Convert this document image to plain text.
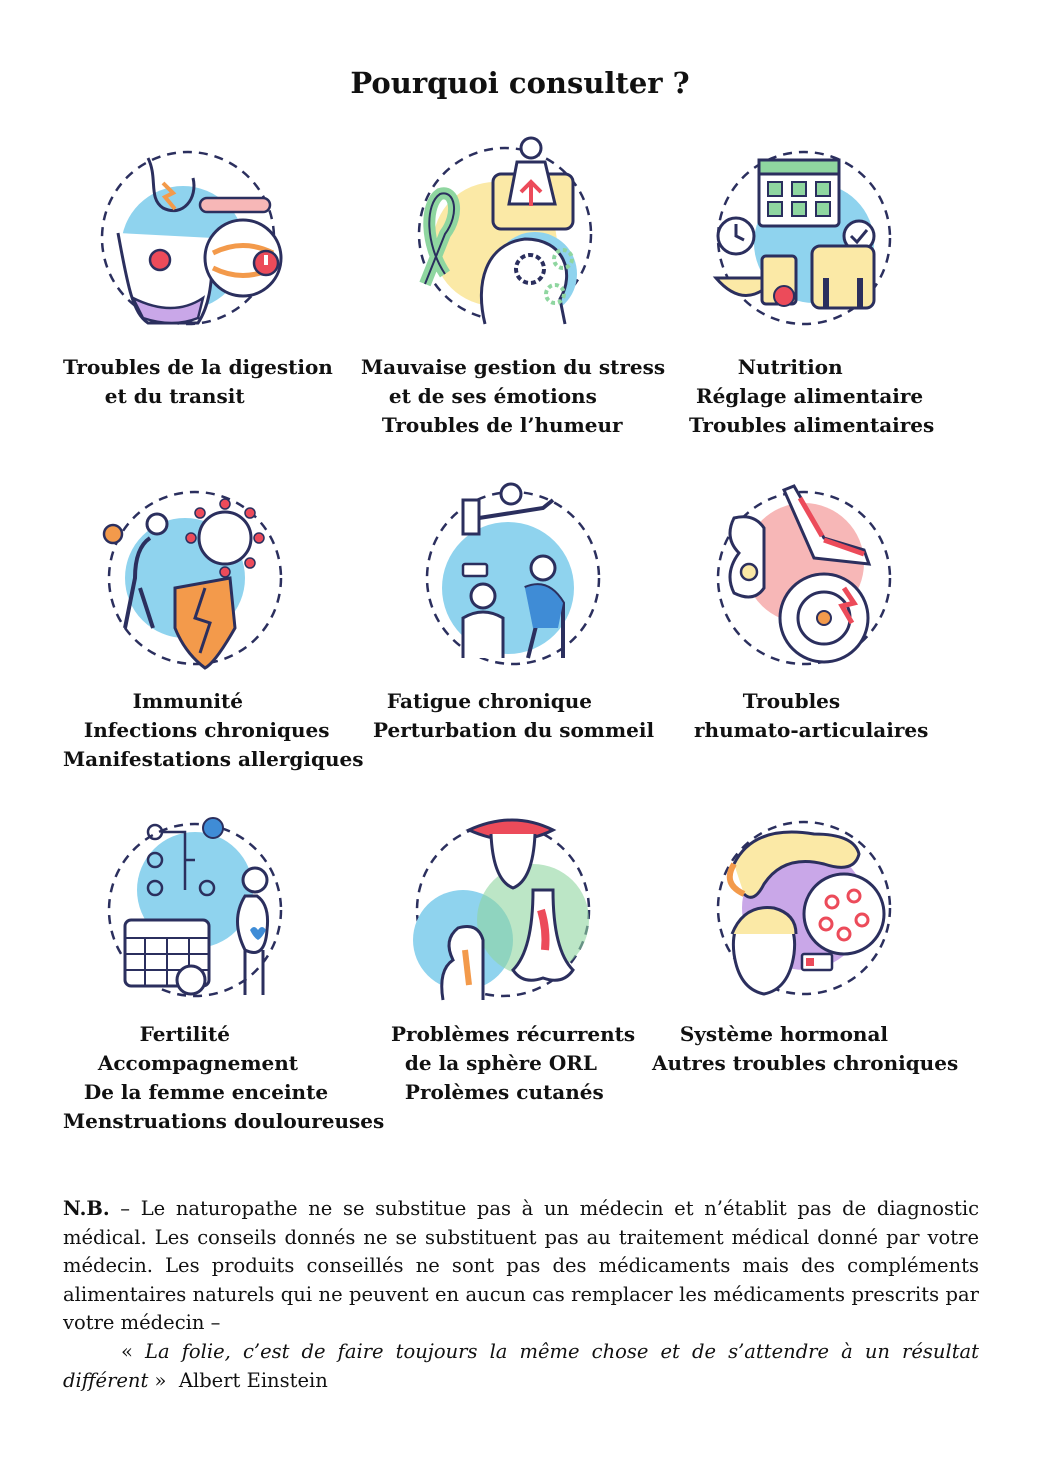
Pourquoi consulter ?
Troubles de la digestion
et du transit
Mauvaise gestion du stress
et de ses émotions
Troubles de l’humeur
Nutrition
Réglage alimentaire
Troubles alimentaires
Immunité
Infections chroniques
Manifestations allergiques
Fatigue chronique
Perturbation du sommeil
Troubles
rhumato-articulaires
Fertilité
Accompagnement
De la femme enceinte
Menstruations douloureuses
Problèmes récurrents
de la sphère ORL
Prolèmes cutanés
Système hormonal
Autres troubles chroniques

N.B. – Le naturopathe ne se substitue pas à un médecin et n’établit pas de diagnostic médical. Les conseils donnés ne se substituent pas au traitement médical donné par votre médecin. Les produits conseillés ne sont pas des médicaments mais des compléments alimentaires naturels qui ne peuvent en aucun cas remplacer les médicaments prescrits par votre médecin –

« La folie, c’est de faire toujours la même chose et de s’attendre à un résultat différent »  Albert Einstein
